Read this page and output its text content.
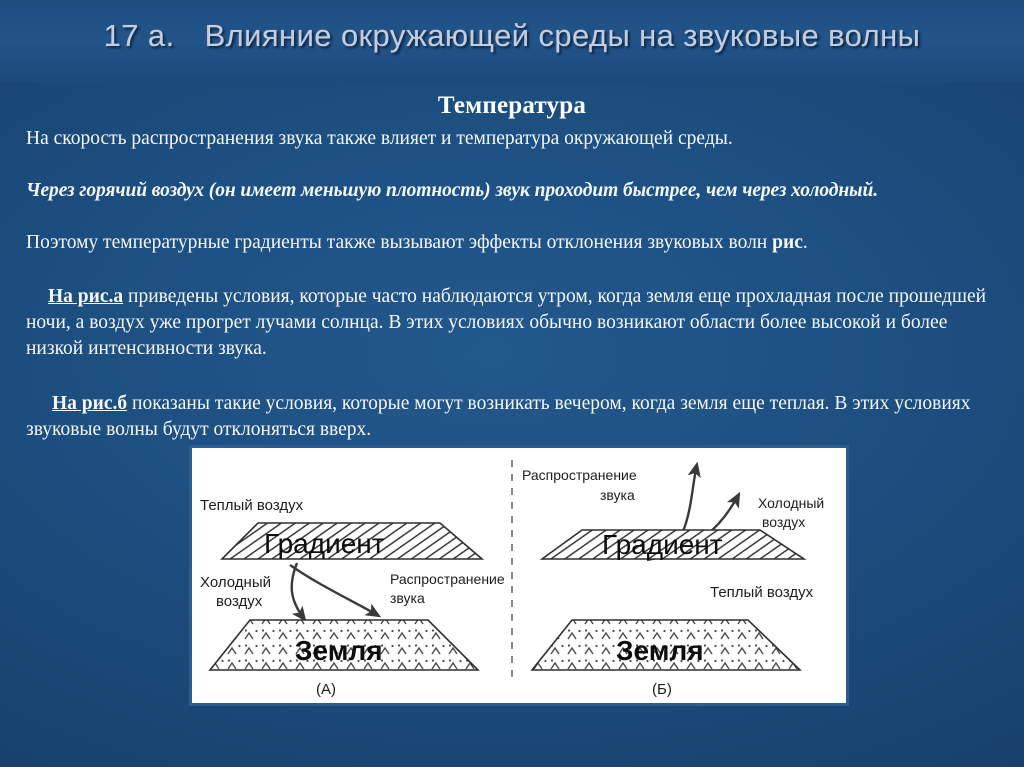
17 a. Влияние окружающей среды на звуковые волны
Температура

На скорость распространения звука также влияет и температура окружающей среды.

Через горячий воздух (он имеет меньшую плотность) звук проходит быстрее, чем через холодный.

Поэтому температурные градиенты также вызывают эффекты отклонения звуковых волн рис.

На рис.а приведены условия, которые часто наблюдаются утром, когда земля еще прохладная после прошедшей ночи, а воздух уже прогрет лучами солнца. В этих условиях обычно возникают области более высокой и более низкой интенсивности звука.

На рис.б показаны такие условия, которые могут возникать вечером, когда земля еще теплая. В этих условиях звуковые волны будут отклоняться вверх.

Теплый воздух
Градиент
Холодный
воздух
Распространение
звука
Земля
(А)
Распространение
звука	Холодный
воздух
Градиент
Теплый воздух
Земля
(Б)
